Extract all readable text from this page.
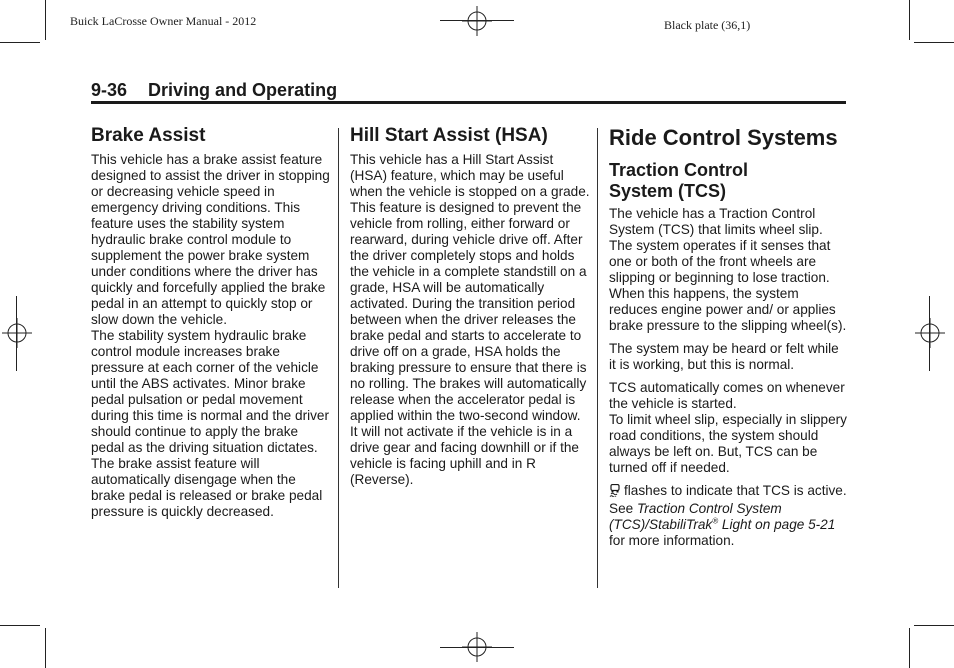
Buick LaCrosse Owner Manual - 2012	Black plate (36,1)
9-36 Driving and Operating
Brake Assist

This vehicle has a brake assist feature designed to assist the driver in stopping or decreasing vehicle speed in emergency driving conditions. This feature uses the stability system hydraulic brake control module to supplement the power brake system under conditions where the driver has quickly and forcefully applied the brake pedal in an attempt to quickly stop or slow down the vehicle.

The stability system hydraulic brake control module increases brake pressure at each corner of the vehicle until the ABS activates. Minor brake pedal pulsation or pedal movement during this time is normal and the driver should continue to apply the brake pedal as the driving situation dictates.

The brake assist feature will automatically disengage when the brake pedal is released or brake pedal pressure is quickly decreased.

Hill Start Assist (HSA)

This vehicle has a Hill Start Assist (HSA) feature, which may be useful when the vehicle is stopped on a grade. This feature is designed to prevent the vehicle from rolling, either forward or rearward, during vehicle drive off. After the driver completely stops and holds the vehicle in a complete standstill on a grade, HSA will be automatically activated. During the transition period between when the driver releases the brake pedal and starts to accelerate to drive off on a grade, HSA holds the braking pressure to ensure that there is no rolling. The brakes will automatically release when the accelerator pedal is applied within the two-second window. It will not activate if the vehicle is in a drive gear and facing downhill or if the vehicle is facing uphill and in R (Reverse).

Ride Control Systems
Traction Control System (TCS)

The vehicle has a Traction Control System (TCS) that limits wheel slip. The system operates if it senses that one or both of the front wheels are slipping or beginning to lose traction. When this happens, the system reduces engine power and/ or applies brake pressure to the slipping wheel(s).

The system may be heard or felt while it is working, but this is normal.

TCS automatically comes on whenever the vehicle is started.

To limit wheel slip, especially in slippery road conditions, the system should always be left on. But, TCS can be turned off if needed.

flashes to indicate that TCS is active. See Traction Control System (TCS)/StabiliTrak® Light on page 5-21 for more information.
